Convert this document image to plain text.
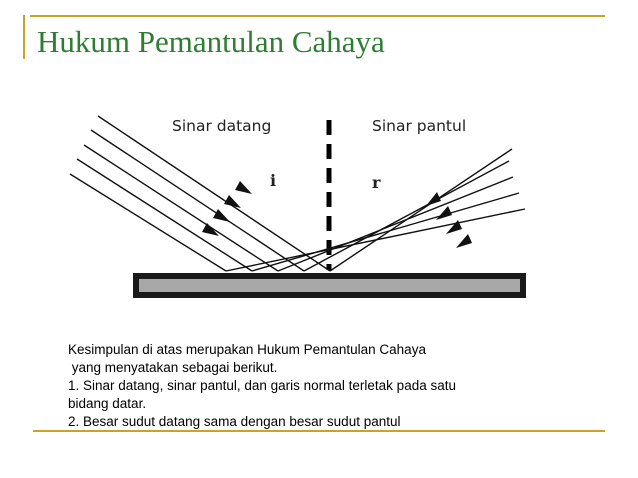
Hukum Pemantulan Cahaya
Sinar datang	Sinar pantul
i	r
Kesimpulan di atas merupakan Hukum Pemantulan Cahaya
yang menyatakan sebagai berikut.
1. Sinar datang, sinar pantul, dan garis normal terletak pada satu
bidang datar.
2. Besar sudut datang sama dengan besar sudut pantul
